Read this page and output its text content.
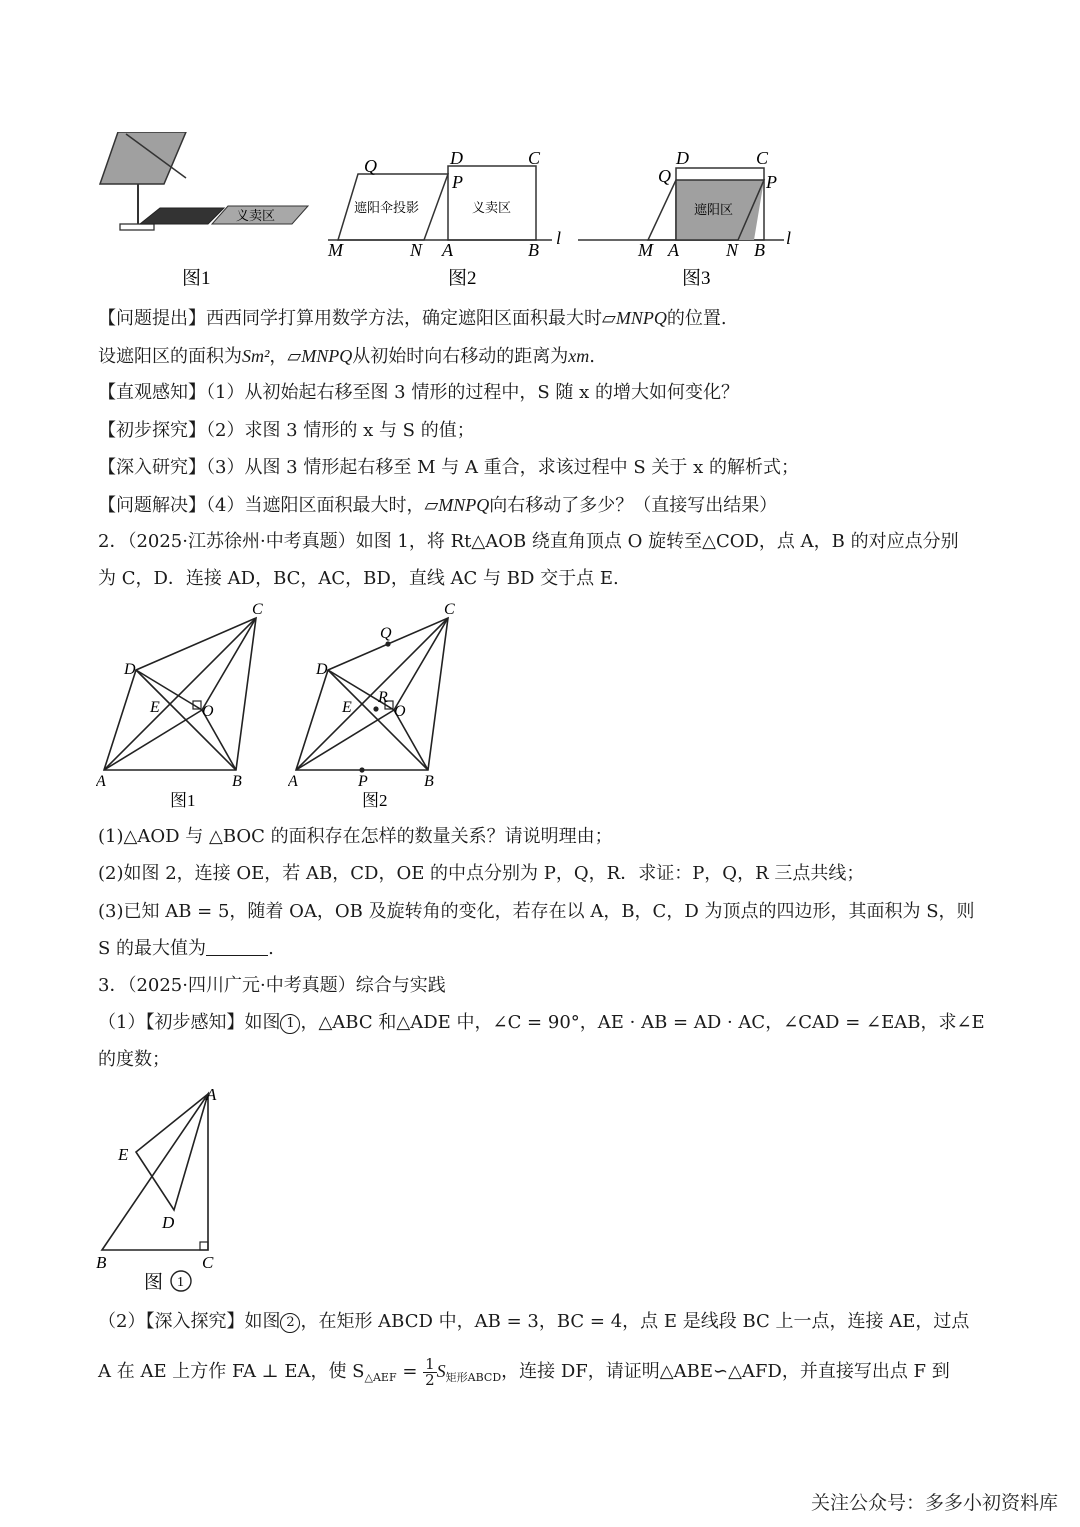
义卖区
图1
遮阳伞投影	义卖区
Q	D	C
P
M	N A	B
l
图2
遮阳区
D	C
Q	P
M A	N B
l
图3
【问题提出】西西同学打算用数学方法，确定遮阳区面积最大时▱MNPQ的位置.
设遮阳区的面积为Sm²，▱MNPQ从初始时向右移动的距离为xm.
【直观感知】（1）从初始起右移至图 3 情形的过程中，S 随 x 的增大如何变化？
【初步探究】（2）求图 3 情形的 x 与 S 的值；
【深入研究】（3）从图 3 情形起右移至 M 与 A 重合，求该过程中 S 关于 x 的解析式；
【问题解决】（4）当遮阳区面积最大时，▱MNPQ向右移动了多少？（直接写出结果）
2．（2025·江苏徐州·中考真题）如图 1，将 Rt△AOB 绕直角顶点 O 旋转至△COD，点 A，B 的对应点分别
为 C，D．连接 AD，BC，AC，BD，直线 AC 与 BD 交于点 E.
A	B
C
D
E	O
图1
A	B
C
D
E	O
P
Q
R
图2
(1)△AOD 与 △BOC 的面积存在怎样的数量关系？请说明理由；
(2)如图 2，连接 OE，若 AB，CD，OE 的中点分别为 P，Q，R．求证：P，Q，R 三点共线；
(3)已知 AB = 5，随着 OA，OB 及旋转角的变化，若存在以 A，B，C，D 为顶点的四边形，其面积为 S，则
S 的最大值为	.
3．（2025·四川广元·中考真题）综合与实践
（1）【初步感知】如图 1 ，△ABC 和△ADE 中，∠C = 90°，AE · AB = AD · AC，∠CAD = ∠EAB，求∠E
的度数；
A
E
D
B	C
图 1
（2）【深入探究】如图 2 ，在矩形 ABCD 中，AB = 3，BC = 4，点 E 是线段 BC 上一点，连接 AE，过点
A 在 AE 上方作 FA ⊥ EA，使 $S_{\triangle AEF} = \frac{1}{2} S_{矩形ABCD}$，连接 DF，请证明△ABE∽△AFD，并直接写出点 F 到
关注公众号：多多小初资料库
